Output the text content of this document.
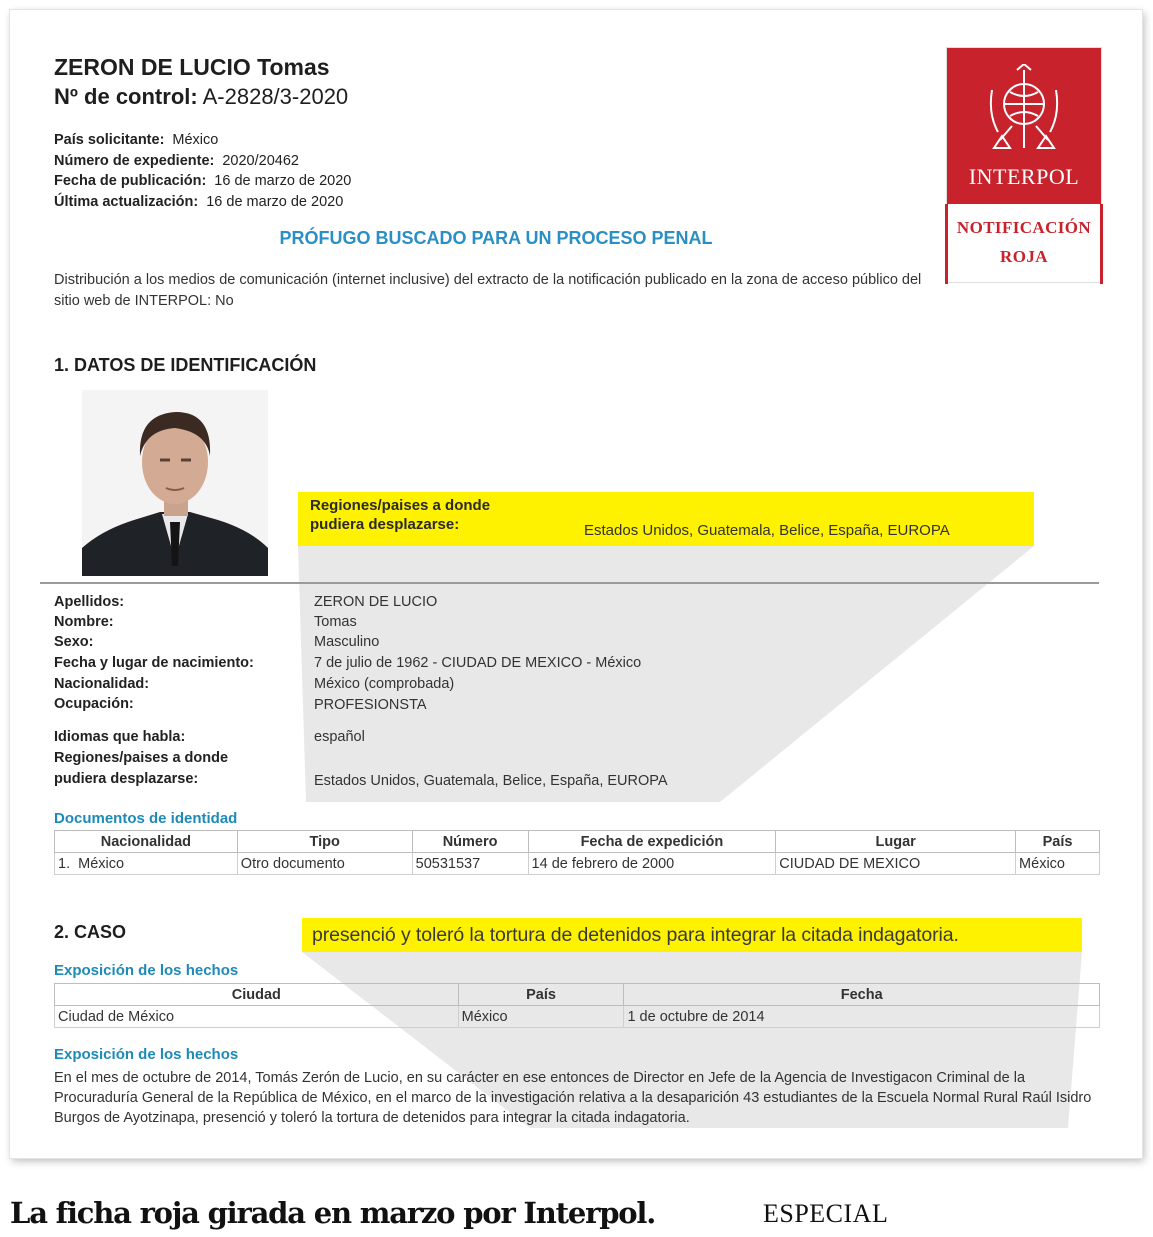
ZERON DE LUCIO Tomas
Nº de control: A-2828/3-2020
País solicitante: México
Número de expediente: 2020/20462
Fecha de publicación: 16 de marzo de 2020
Última actualización: 16 de marzo de 2020
PRÓFUGO BUSCADO PARA UN PROCESO PENAL
Distribución a los medios de comunicación (internet inclusive) del extracto de la notificación publicado en la zona de acceso público del sitio web de INTERPOL: No
INTERPOL
NOTIFICACIÓN
ROJA
1. DATOS DE IDENTIFICACIÓN
Regiones/paises a donde
pudiera desplazarse:	Estados Unidos, Guatemala, Belice, España, EUROPA
Apellidos:	ZERON DE LUCIO
Nombre:	Tomas
Sexo:	Masculino
Fecha y lugar de nacimiento:	7 de julio de 1962 - CIUDAD DE MEXICO - México
Nacionalidad:	México (comprobada)
Ocupación:	PROFESIONSTA
Idiomas que habla:	español
Regiones/paises a donde
pudiera desplazarse:	Estados Unidos, Guatemala, Belice, España, EUROPA
Documentos de identidad
Nacionalidad	Tipo	Número	Fecha de expedición	Lugar	País
1. México	Otro documento	50531537	14 de febrero de 2000	CIUDAD DE MEXICO	México
2. CASO	presenció y toleró la tortura de detenidos para integrar la citada indagatoria.
Exposición de los hechos
Ciudad	País	Fecha
Ciudad de México	México	1 de octubre de 2014
Exposición de los hechos
En el mes de octubre de 2014, Tomás Zerón de Lucio, en su carácter en ese entonces de Director en Jefe de la Agencia de Investigacon Criminal de la Procuraduría General de la República de México, en el marco de la investigación relativa a la desaparición 43 estudiantes de la Escuela Normal Rural Raúl Isidro Burgos de Ayotzinapa, presenció y toleró la tortura de detenidos para integrar la citada indagatoria.
La ficha roja girada en marzo por Interpol.	ESPECIAL
